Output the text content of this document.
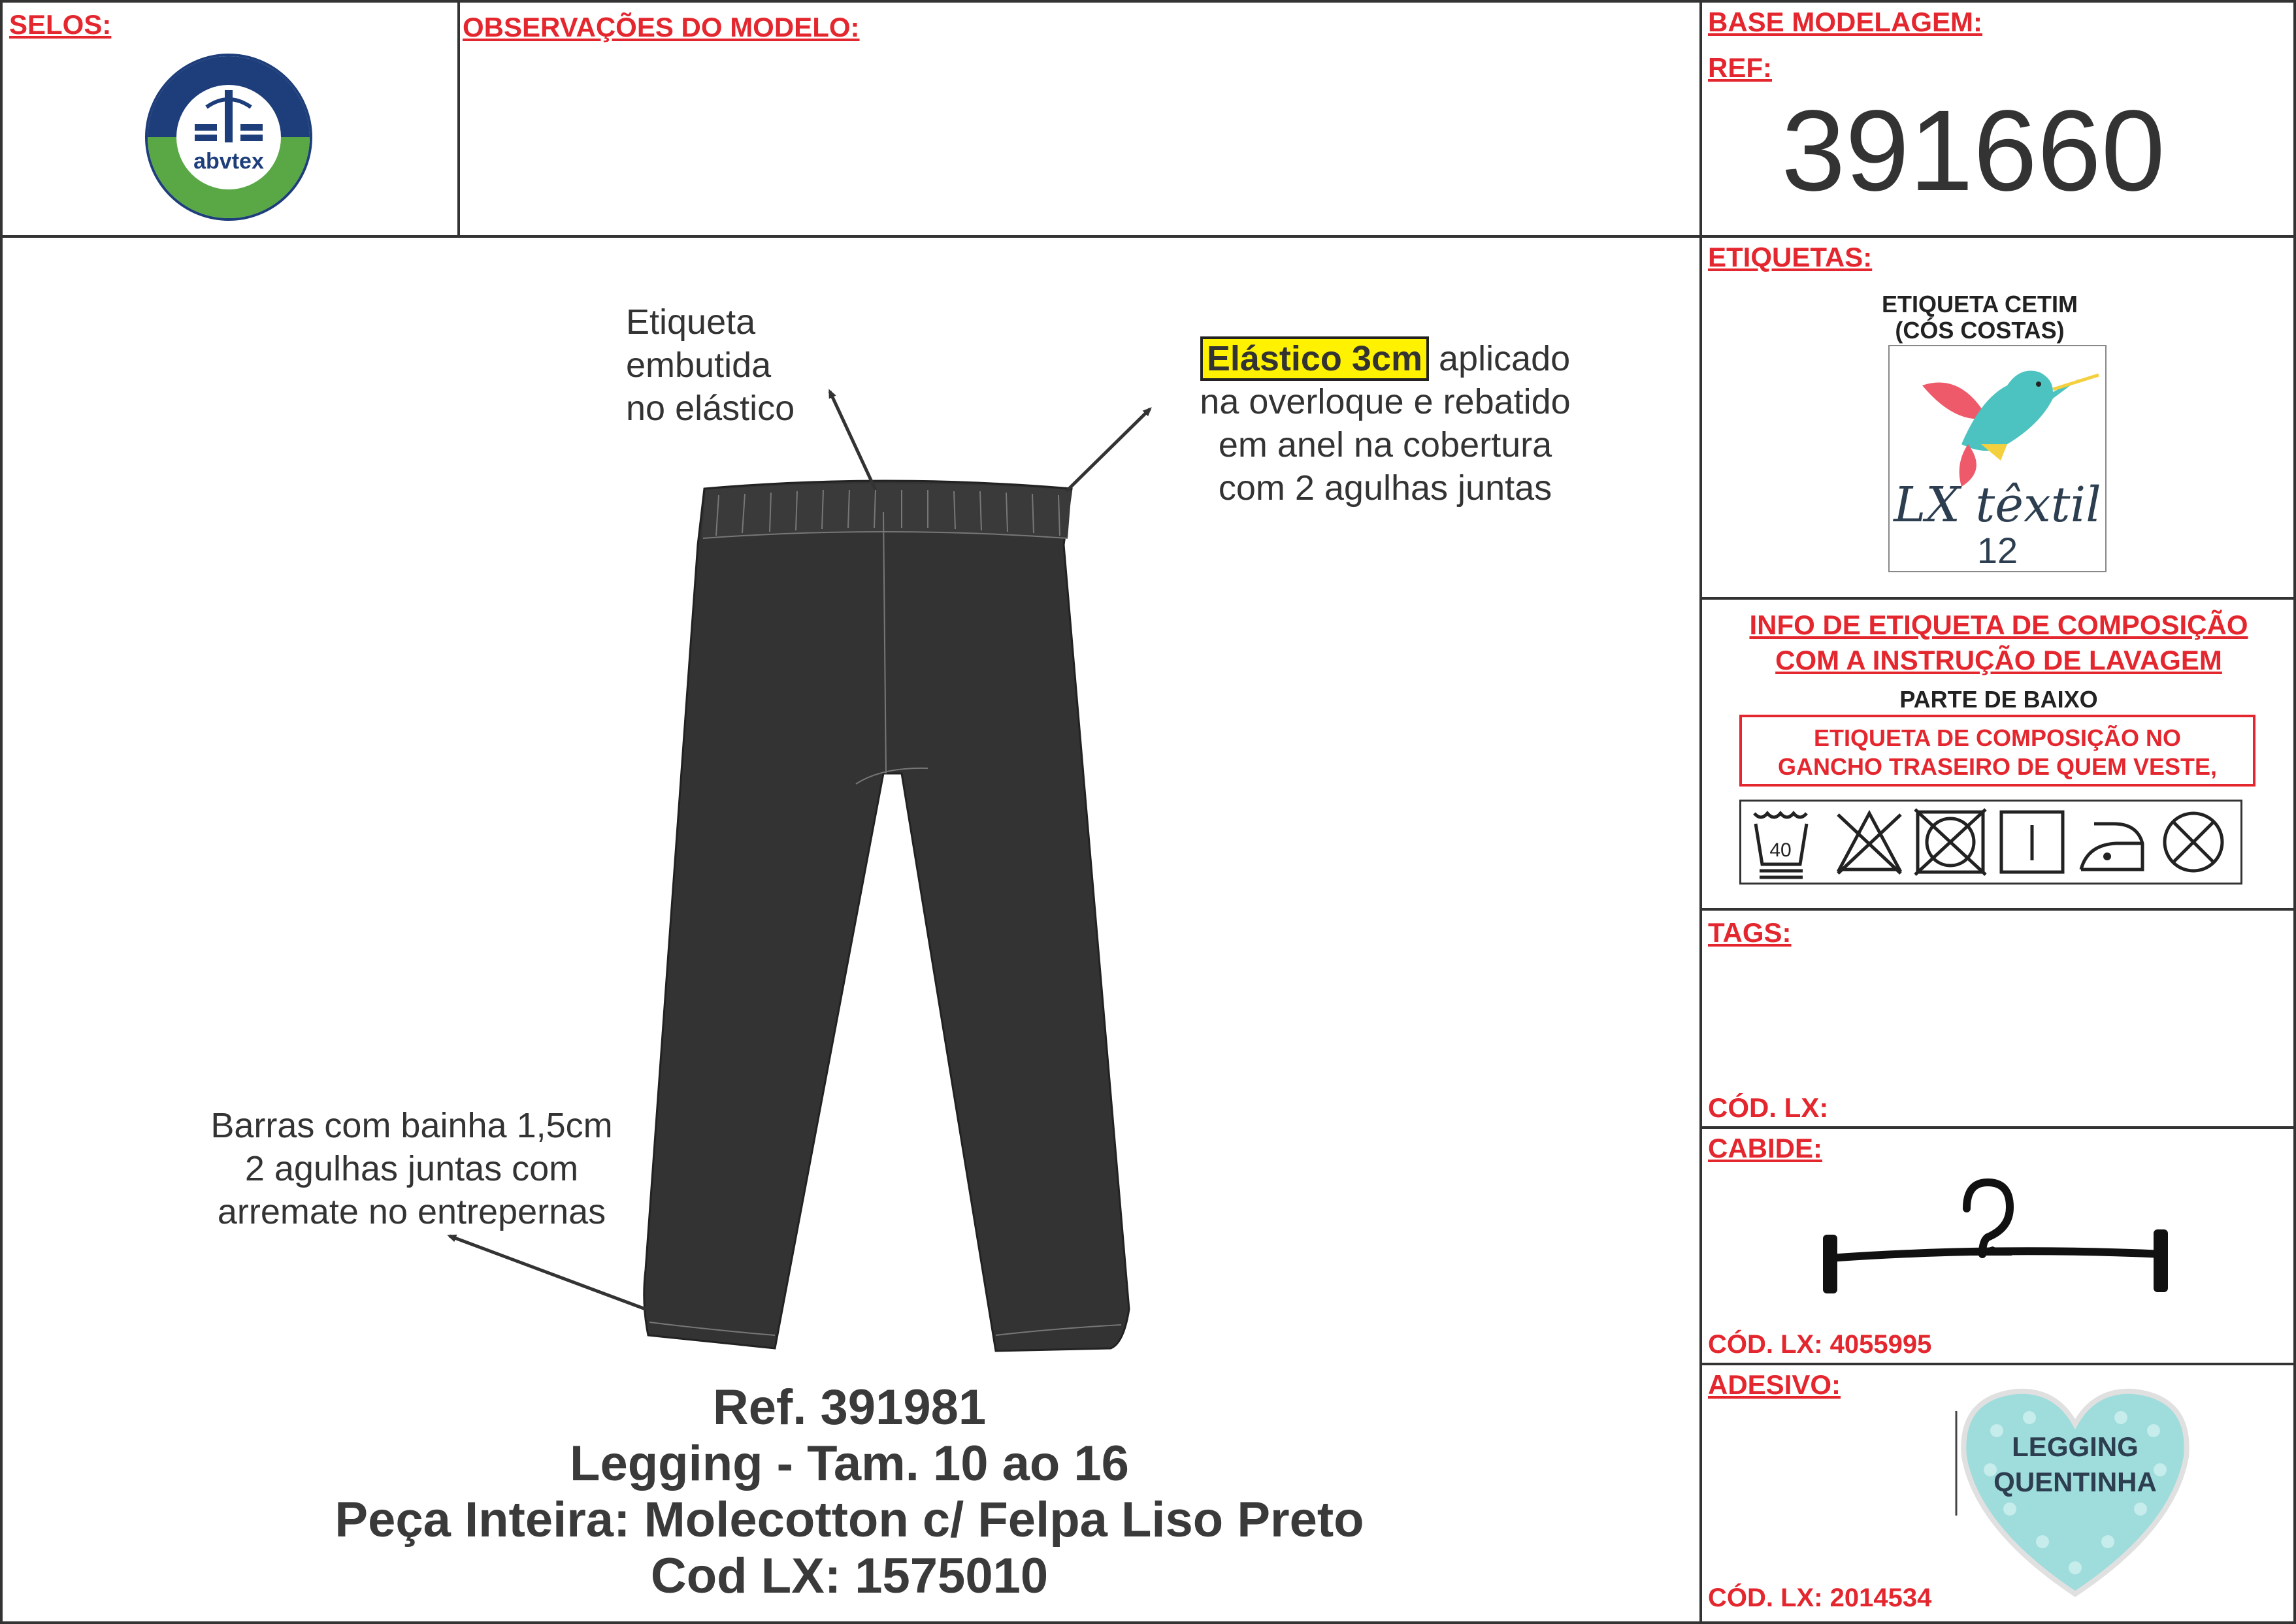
SELOS:
abvtex
OBSERVAÇÕES DO MODELO:	BASE MODELAGEM:
REF:
391660
Etiqueta
embutida
no elástico
Elástico 3cm aplicado
na overloque e rebatido
em anel na cobertura
com 2 agulhas juntas
Barras com bainha 1,5cm
2 agulhas juntas com
arremate no entrepernas
Ref. 391981
Legging - Tam. 10 ao 16
Peça Inteira: Molecotton c/ Felpa Liso Preto
Cod LX: 1575010
ETIQUETAS:
ETIQUETA CETIM
(CÓS COSTAS)
LX têxtil
12
INFO DE ETIQUETA DE COMPOSIÇÃO
COM A INSTRUÇÃO DE LAVAGEM
PARTE DE BAIXO
ETIQUETA DE COMPOSIÇÃO NO
GANCHO TRASEIRO DE QUEM VESTE,
40
TAGS:
CÓD. LX:
CABIDE:
CÓD. LX: 4055995
ADESIVO:
LEGGING
QUENTINHA
CÓD. LX: 2014534
